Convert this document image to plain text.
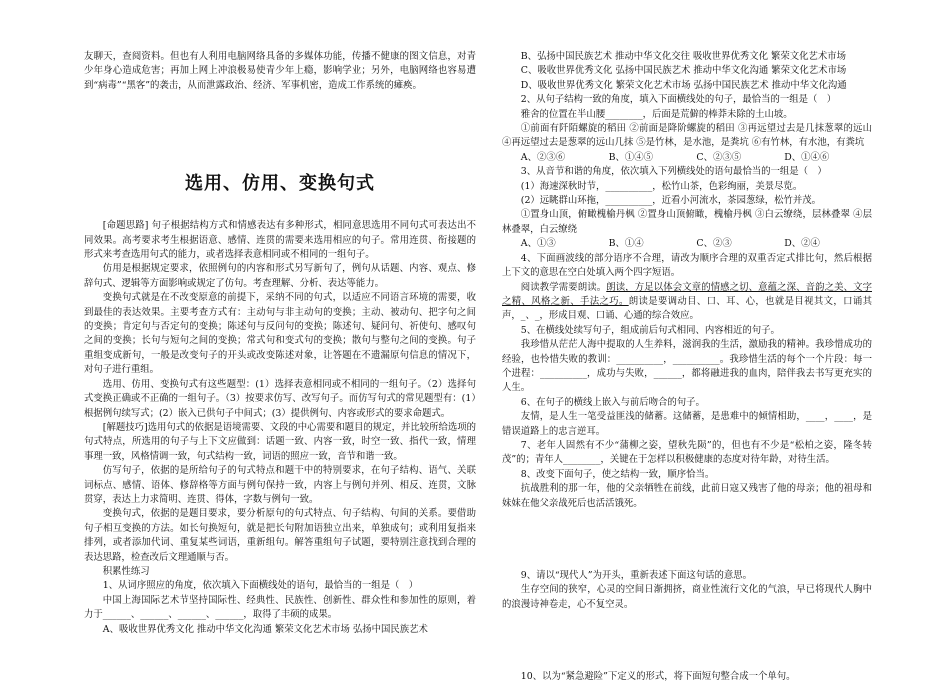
友聊天，查阅资料。但也有人利用电脑网络具备的多媒体功能，传播不健康的图文信息，对青少年身心造成危害；再加上网上冲浪极易使青少年上瘾，影响学业；另外，电脑网络也容易遭到“病毒”“黑客”的袭击，从而泄露政治、经济、军事机密，造成工作系统的瘫痪。

选用、仿用、变换句式

[命题思路] 句子根据结构方式和情感表达有多种形式，相同意思选用不同句式可表达出不同效果。高考要求考生根据语意、感情、连贯的需要来选用相应的句子。常用连贯、衔接题的形式来考查选用句式的能力，或者选择表意相同或不相同的一组句子。

仿用是根据规定要求，依照例句的内容和形式另写新句了，例句从话题、内容、观点、修辞句式、逻辑等方面影响或规定了仿句。考查理解、分析、表达等能力。

变换句式就是在不改变原意的前提下，采纳不同的句式，以适应不同语言环境的需要，收到最佳的表达效果。主要考查方式有：主动句与非主动句的变换；主动、被动句、把字句之间的变换；肯定句与否定句的变换；陈述句与反问句的变换；陈述句、疑问句、祈使句、感叹句之间的变换；长句与短句之间的变换；常式句和变式句的变换；散句与整句之间的变换。句子重组变成新句，一般是改变句子的开头或改变陈述对象，让答题在不遗漏原句信息的情况下，对句子进行重组。

选用、仿用、变换句式有这些题型：(1）选择表意相同或不相同的一组句子。（2）选择句式变换正确或不正确的一组句子。（3）按要求仿写、改写句子。而仿写句式的常见题型有：(1）根据例句续写式；(2）嵌入已供句子中间式；(3）提供例句、内容或形式的要求命题式。

[解题技巧]选用句式的依据是语境需要、文段的中心需要和题目的规定，并比较所给选项的句式特点，所选用的句子与上下文应做到：话题一致、内容一致，时空一致、指代一致，情理事理一致，风格情调一致，句式结构一致，词语的照应一致，音节和谐一致。

仿写句子，依据的是所给句子的句式特点和题干中的特别要求，在句子结构、语气、关联词标点、感情、语体、修辞格等方面与例句保持一致，内容上与例句并列、相反、连贯，文脉贯穿，表达上力求简明、连贯、得体，字数与例句一致。

变换句式，依据的是题目要求，要分析原句的句式特点、句子结构、句间的关系。要借助句子相互变换的方法。如长句换短句，就是把长句附加语独立出来，单独成句；或利用复指来排列，或者添加代词、重复某些词语，重新组句。解答重组句子试题，要特别注意找到合理的表达思路，检查改后文理通顺与否。

积累性练习

1、从词序照应的角度，依次填入下面横线处的语句，最恰当的一组是（　）

中国上海国际艺术节坚持国际性、经典性、民族性、创新性、群众性和参加性的原则，着力于______、______、______、______，取得了丰硕的成果。

A、吸收世界优秀文化 推动中华文化沟通 繁荣文化艺术市场 弘扬中国民族艺术

B、弘扬中国民族艺术 推动中华文化交往 吸收世界优秀文化 繁荣文化艺术市场

C、吸收世界优秀文化 弘扬中国民族艺术 推动中华文化沟通 繁荣文化艺术市场

D、吸收世界优秀文化 繁荣文化艺术市场 弘扬中国民族艺术 推动中华文化沟通

2、从句子结构一致的角度，填入下面横线处的句子，最恰当的一组是（　）

雅舍的位置在半山腰________，后面是荒僻的棒莽未除的土山坡。

①前面有阡陌螺旋的稻田 ②前面是降阶螺旋的稻田 ③再远望过去是几抹葱翠的远山 ④再远望过去是葱翠的远山几抹 ⑤是竹林，是水池，是粪坑 ⑥有竹林，有水池，有粪坑

A、②③⑥	B、①④⑤	C、②③⑤	D、①④⑥

3、从音节和谐的角度，依次填入下列横线处的语句最恰当的一组是（　）

(1）海速深秋时节，__________，松竹山茶，色彩绚丽，美景尽览。

(2）远眺群山环拖，__________，近看小河流水，茶园葱绿，松竹并茂。

①置身山顶，俯瞰槐榆丹枫 ②置身山顶俯瞰，槐榆丹枫 ③白云缭绕，层林叠翠 ④层林叠翠，白云缭绕

A、①③	B、①④	C、②③	D、②④

4、下面画波线的部分语序不合理，请改为顺序合理的双重否定式排比句，然后根据上下文的意思在空白处填入两个四字短语。

阅读教学需要朗读。朗读，方足以体会文章的情感之切、意蕴之深、音韵之美、文字之精、风格之新、手法之巧。朗读是要调动目、口、耳、心，也就是目视其文，口诵其声，_、_，形成目观、口诵、心通的综合效应。

5、在横线处续写句子，组成前后句式相同、内容相近的句子。

我珍惜从茫茫人海中提取的人生养料，滋润我的生活，激励我的精神。我珍惜成功的经验，也怜惜失败的教训：__________，__________。我珍惜生活的每个一个片段：每一个进程：__________，成功与失败，______，都将融进我的血肉，陪伴我去书写更充实的人生。

6、在句子的横线上嵌入与前后吻合的句子。

友情，是人生一笔受益匪浅的储蓄。这储蓄，是患难中的倾情相助，____，____，是错误道路上的忠言逆耳。

7、老年人固然有不少“蒲柳之姿，望秋先陨”的，但也有不少是“松柏之姿，隆冬转茂”的；青年人________，关键在于怎样以积极健康的态度对待年龄，对待生活。

8、改变下面句子，使之结构一致，顺序恰当。

抗战胜利的那一年，他的父亲牺牲在前线，此前日寇又残害了他的母亲；他的祖母和妹妹在他父亲战死后也活活饿死。

9、请以“现代人”为开头，重新表述下面这句话的意思。

生存空间的狭窄，心灵的空间日渐拥挤，商业性流行文化的气浪，早已将现代人胸中的浪漫诗神卷走，心不复空灵。

10、以为“紧急避险”下定义的形式，将下面短句整合成一个单句。
